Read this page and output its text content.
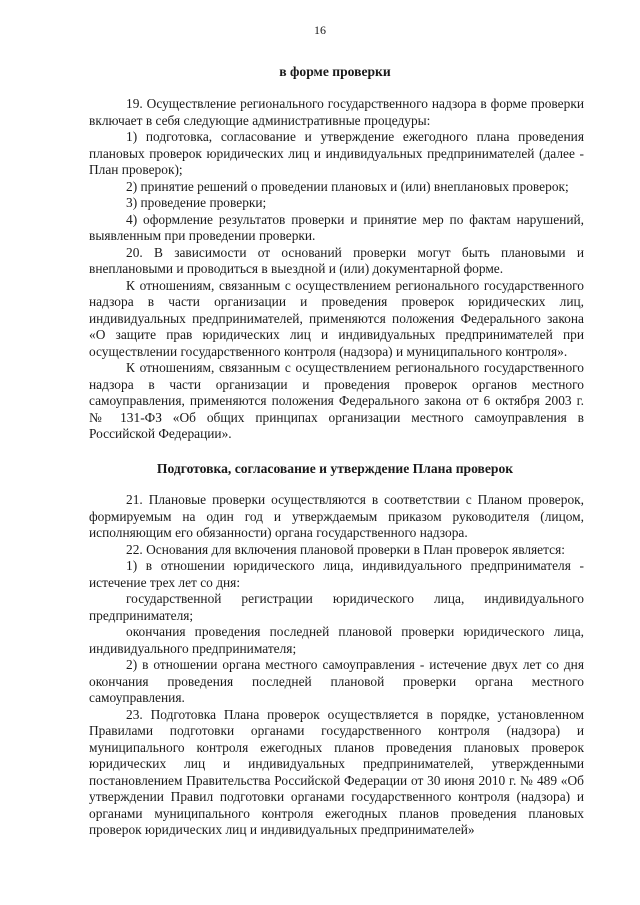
16
в форме проверки

19. Осуществление регионального государственного надзора в форме проверки включает в себя следующие административные процедуры:

1) подготовка, согласование и утверждение ежегодного плана проведения плановых проверок юридических лиц и индивидуальных предпринимателей (далее - План проверок);

2) принятие решений о проведении плановых и (или) внеплановых проверок;

3) проведение проверки;

4) оформление результатов проверки и принятие мер по фактам нарушений, выявленным при проведении проверки.

20. В зависимости от оснований проверки могут быть плановыми и внеплановыми и проводиться в выездной и (или) документарной форме.

К отношениям, связанным с осуществлением регионального государственного надзора в части организации и проведения проверок юридических лиц, индивидуальных предпринимателей, применяются положения Федерального закона «О защите прав юридических лиц и индивидуальных предпринимателей при осуществлении государственного контроля (надзора) и муниципального контроля».

К отношениям, связанным с осуществлением регионального государственного надзора в части организации и проведения проверок органов местного самоуправления, применяются положения Федерального закона от 6 октября 2003 г. № 131-ФЗ «Об общих принципах организации местного самоуправления в Российской Федерации».

Подготовка, согласование и утверждение Плана проверок

21. Плановые проверки осуществляются в соответствии с Планом проверок, формируемым на один год и утверждаемым приказом руководителя (лицом, исполняющим его обязанности) органа государственного надзора.

22. Основания для включения плановой проверки в План проверок является:

1) в отношении юридического лица, индивидуального предпринимателя - истечение трех лет со дня:

государственной регистрации юридического лица, индивидуального предпринимателя;

окончания проведения последней плановой проверки юридического лица, индивидуального предпринимателя;

2) в отношении органа местного самоуправления - истечение двух лет со дня окончания проведения последней плановой проверки органа местного самоуправления.

23. Подготовка Плана проверок осуществляется в порядке, установленном Правилами подготовки органами государственного контроля (надзора) и муниципального контроля ежегодных планов проведения плановых проверок юридических лиц и индивидуальных предпринимателей, утвержденными постановлением Правительства Российской Федерации от 30 июня 2010 г. № 489 «Об утверждении Правил подготовки органами государственного контроля (надзора) и органами муниципального контроля ежегодных планов проведения плановых проверок юридических лиц и индивидуальных предпринимателей»
